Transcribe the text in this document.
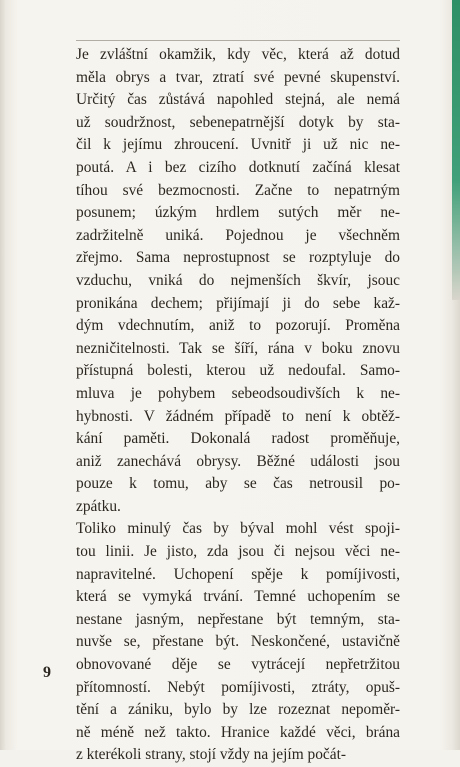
Je zvláštní okamžik, kdy věc, která až dotud
měla obrys a tvar, ztratí své pevné skupenství.
Určitý čas zůstává napohled stejná, ale nemá
už soudržnost, sebenepatrnější dotyk by sta-
čil k jejímu zhroucení. Uvnitř ji už nic ne-
poutá. A i bez cizího dotknutí začíná klesat
tíhou své bezmocnosti. Začne to nepatrným
posunem; úzkým hrdlem sutých měr ne-
zadržitelně uniká. Pojednou je všechněm
zřejmo. Sama neprostupnost se rozptyluje do
vzduchu, vniká do nejmenších škvír, jsouc
pronikána dechem; přijímají ji do sebe kaž-
dým vdechnutím, aniž to pozorují. Proměna
nezničitelnosti. Tak se šíří, rána v boku znovu
přístupná bolesti, kterou už nedoufal. Samo-
mluva je pohybem sebeodsoudivších k ne-
hybnosti. V žádném případě to není k obtěž-
kání paměti. Dokonalá radost proměňuje,
aniž zanechává obrysy. Běžné události jsou
pouze k tomu, aby se čas netrousil po-
zpátku.
Toliko minulý čas by býval mohl vést spoji-
tou linii. Je jisto, zda jsou či nejsou věci ne-
napravitelné. Uchopení spěje k pomíjivosti,
která se vymyká trvání. Temné uchopením se
nestane jasným, nepřestane být temným, sta-
nuvše se, přestane být. Neskončené, ustavičně
obnovované děje se vytrácejí nepřetržitou
přítomností. Nebýt pomíjivosti, ztráty, opuš-
tění a zániku, bylo by lze rozeznat nepoměr-
ně méně než takto. Hranice každé věci, brána
z kterékoli strany, stojí vždy na jejím počát-
9
